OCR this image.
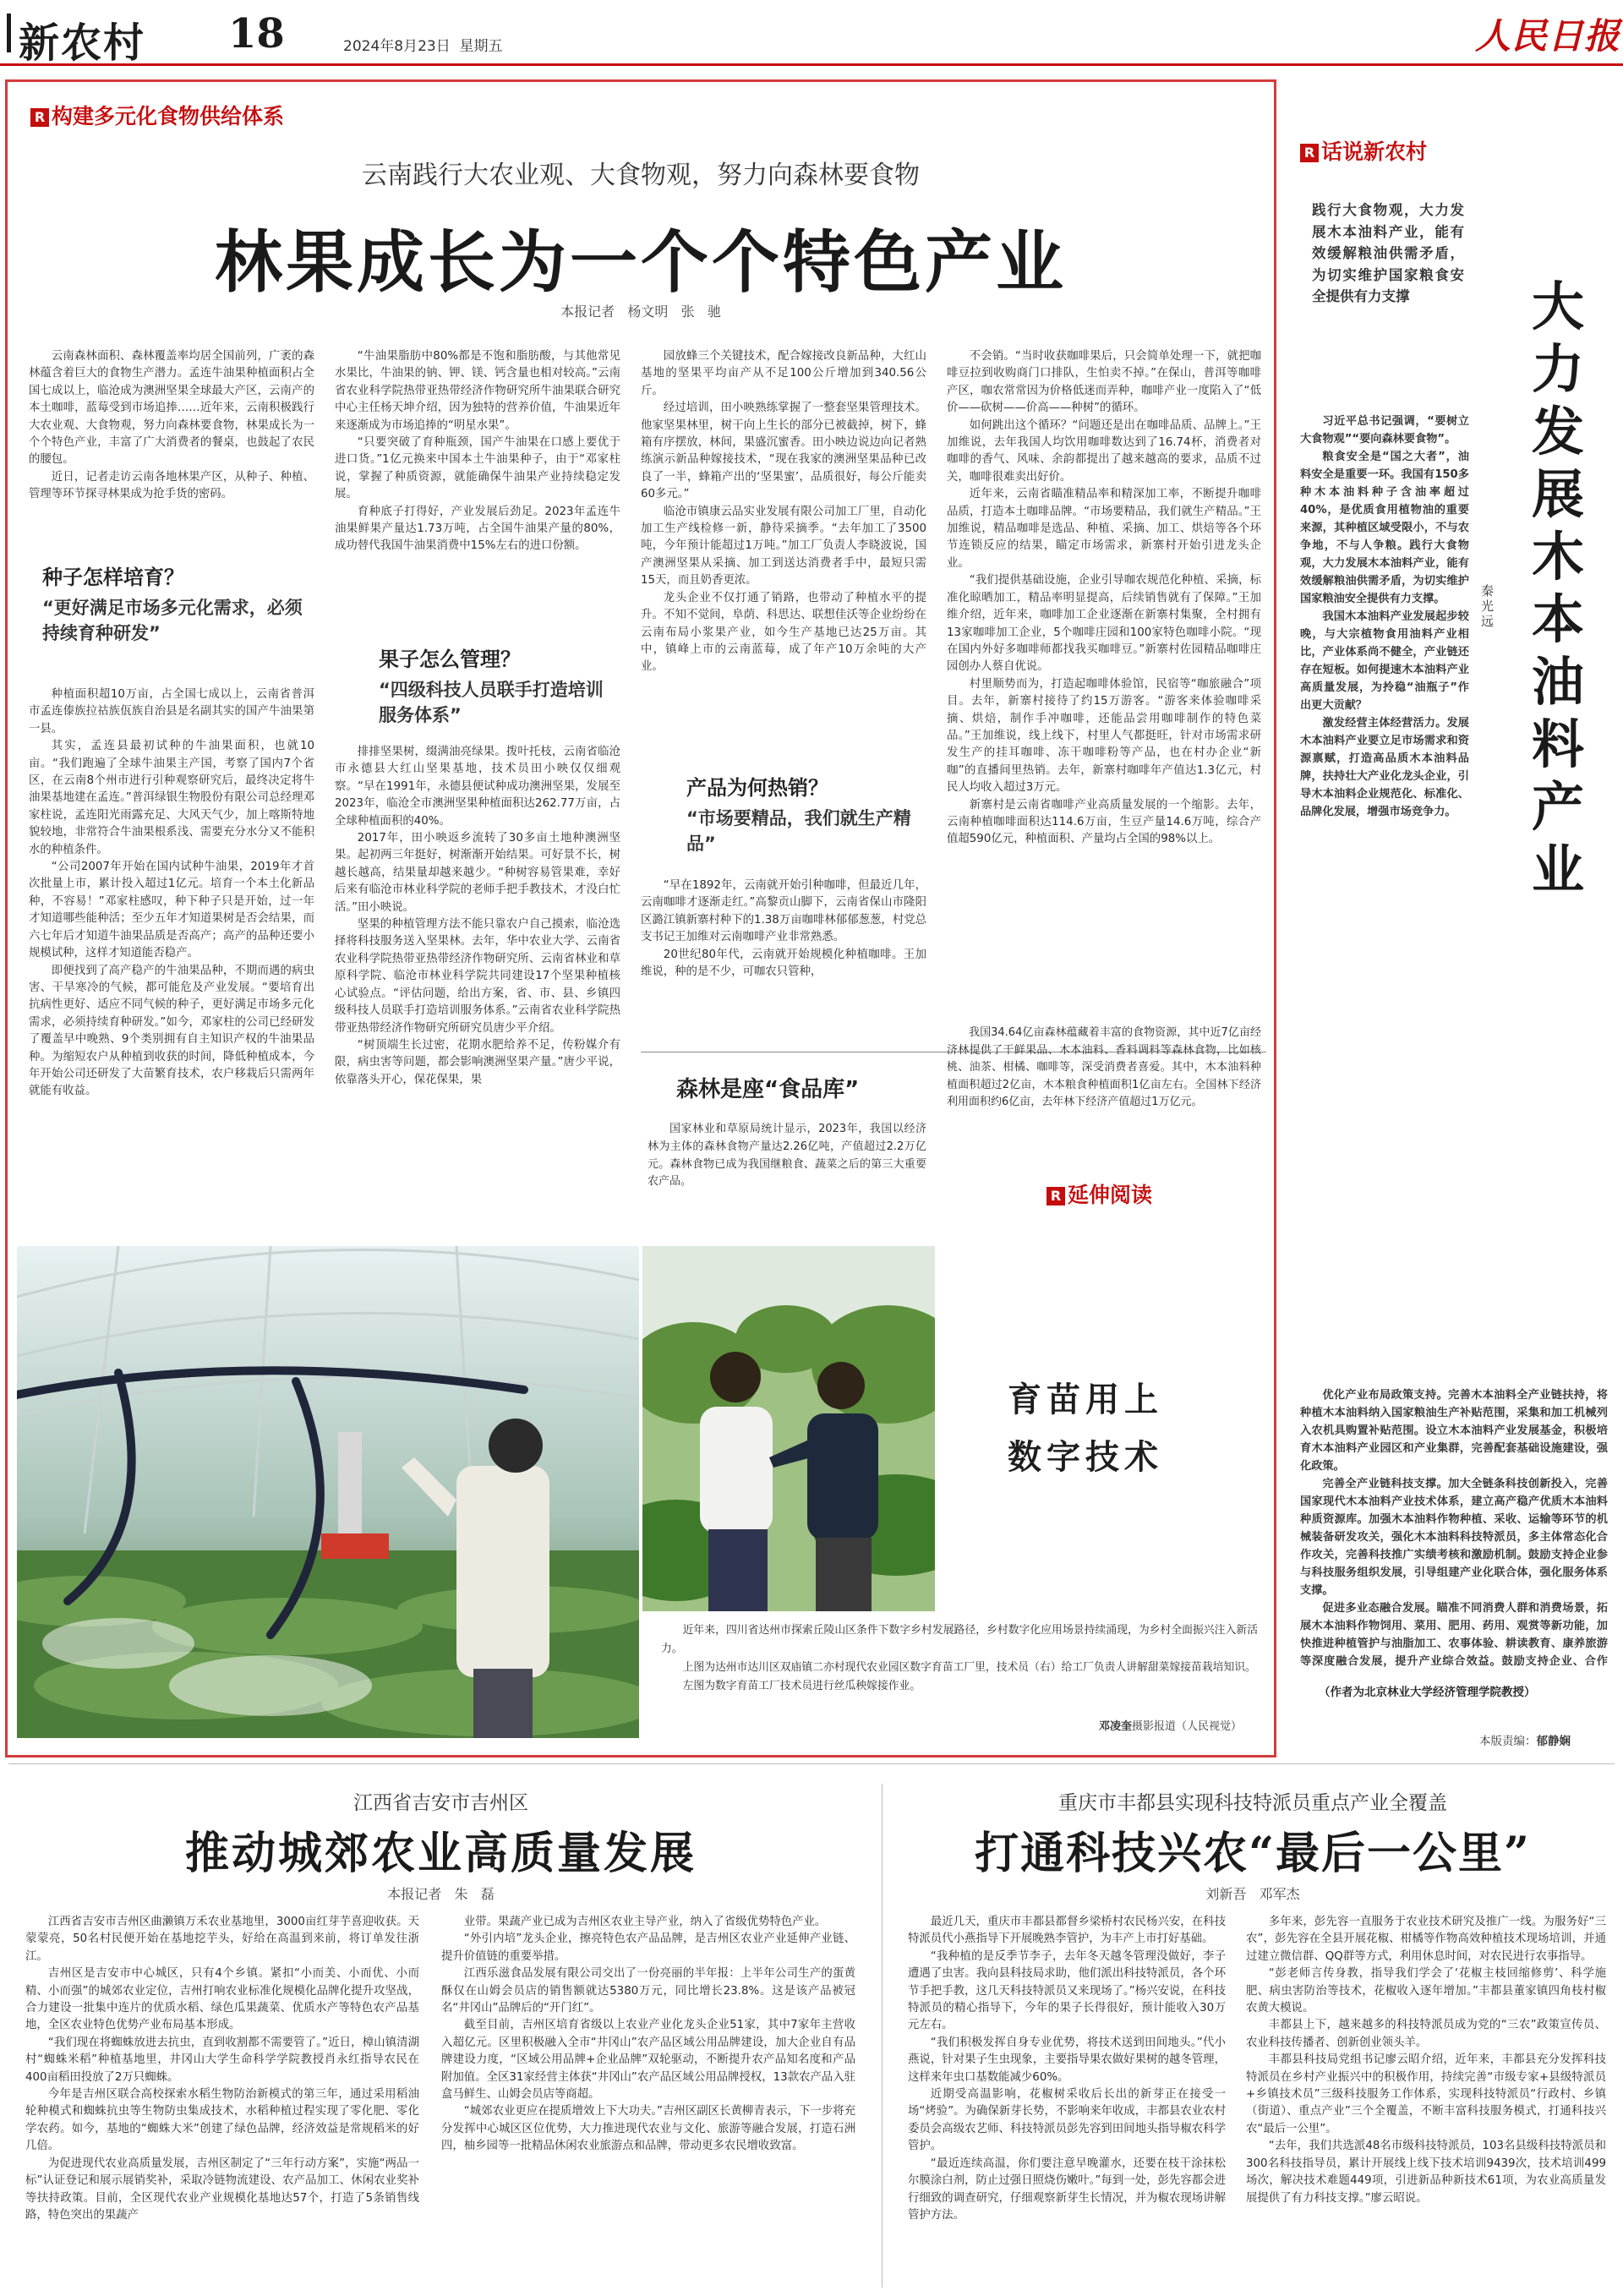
新农村 18	2024年8月23日  星期五	人民日报
R 构建多元化食物供给体系
云南践行大农业观、大食物观，努力向森林要食物
林果成长为一个个特色产业
本报记者   杨文明   张   驰

云南森林面积、森林覆盖率均居全国前列，广袤的森林蕴含着巨大的食物生产潜力。孟连牛油果种植面积占全国七成以上，临沧成为澳洲坚果全球最大产区，云南产的本土咖啡，蓝莓受到市场追捧……近年来，云南积极践行大农业观、大食物观，努力向森林要食物，林果成长为一个个特色产业，丰富了广大消费者的餐桌，也鼓起了农民的腰包。

近日，记者走访云南各地林果产区，从种子、种植、管理等环节探寻林果成为抢手货的密码。

种子怎样培育？
“更好满足市场多元化需求，必须持续育种研发”

种植面积超10万亩，占全国七成以上，云南省普洱市孟连傣族拉祜族佤族自治县是名副其实的国产牛油果第一县。

其实，孟连县最初试种的牛油果面积，也就10亩。“我们跑遍了全球牛油果主产国，考察了国内7个省区，在云南8个州市进行引种观察研究后，最终决定将牛油果基地建在孟连。”普洱绿银生物股份有限公司总经理邓家柱说，孟连阳光雨露充足、大风天气少，加上喀斯特地貌较地，非常符合牛油果根系浅、需要充分水分又不能积水的种植条件。

“公司2007年开始在国内试种牛油果，2019年才首次批量上市，累计投入超过1亿元。培育一个本土化新品种，不容易！”邓家柱感叹，种下种子只是开始，过一年才知道哪些能种活；至少五年才知道果树是否会结果，而六七年后才知道牛油果品质是否高产；高产的品种还要小规模试种，这样才知道能否稳产。

即便找到了高产稳产的牛油果品种，不期而遇的病虫害、干旱寒冷的气候，都可能危及产业发展。“要培育出抗病性更好、适应不同气候的种子，更好满足市场多元化需求，必须持续育种研发。”如今，邓家柱的公司已经研发了覆盖早中晚熟、9个类别拥有自主知识产权的牛油果品种。为缩短农户从种植到收获的时间，降低种植成本，今年开始公司还研发了大苗繁育技术，农户移栽后只需两年就能有收益。

“牛油果脂肪中80%都是不饱和脂肪酸，与其他常见水果比，牛油果的钠、钾、镁、钙含量也相对较高。”云南省农业科学院热带亚热带经济作物研究所牛油果联合研究中心主任杨天坤介绍，因为独特的营养价值，牛油果近年来逐渐成为市场追捧的“明星水果”。

“只要突破了育种瓶颈，国产牛油果在口感上要优于进口货。”1亿元换来中国本土牛油果种子，由于“邓家柱说，掌握了种质资源，就能确保牛油果产业持续稳定发展。

育种底子打得好，产业发展后劲足。2023年孟连牛油果鲜果产量达1.73万吨，占全国牛油果产量的80%，成功替代我国牛油果消费中15%左右的进口份额。

果子怎么管理？
“四级科技人员联手打造培训服务体系”

排排坚果树，缀满油亮绿果。拨叶托枝，云南省临沧市永德县大红山坚果基地，技术员田小映仅仅细观察。“早在1991年，永德县便试种成功澳洲坚果，发展至2023年，临沧全市澳洲坚果种植面积达262.77万亩，占全球种植面积的40%。

2017年，田小映返乡流转了30多亩土地种澳洲坚果。起初两三年挺好，树渐渐开始结果。可好景不长，树越长越高，结果量却越来越少。“种树容易管果难，幸好后来有临沧市林业科学院的老师手把手教技术，才没白忙活。”田小映说。

坚果的种植管理方法不能只靠农户自己摸索，临沧选择将科技服务送入坚果林。去年，华中农业大学、云南省农业科学院热带亚热带经济作物研究所、云南省林业和草原科学院、临沧市林业科学院共同建设17个坚果种植核心试验点。“评估问题，给出方案，省、市、县、乡镇四级科技人员联手打造培训服务体系。”云南省农业科学院热带亚热带经济作物研究所研究员唐少平介绍。

“树顶端生长过密，花期水肥给养不足，传粉媒介有限，病虫害等问题，都会影响澳洲坚果产量。”唐少平说，依靠落头开心，保花保果，果

园放蜂三个关键技术，配合嫁接改良新品种，大红山基地的坚果平均亩产从不足100公斤增加到340.56公斤。

经过培训，田小映熟练掌握了一整套坚果管理技术。他家坚果林里，树干向上生长的部分已被截掉，树下，蜂箱有序摆放，林间，果盛沉蜜香。田小映边说边向记者熟练演示新品种嫁接技术，“现在我家的澳洲坚果品种已改良了一半，蜂箱产出的‘坚果蜜’，品质很好，每公斤能卖60多元。”

临沧市镇康云品实业发展有限公司加工厂里，自动化加工生产线检修一新，静待采摘季。“去年加工了3500吨，今年预计能超过1万吨。”加工厂负责人李晓波说，国产澳洲坚果从采摘、加工到送达消费者手中，最短只需15天，而且奶香更浓。

龙头企业不仅打通了销路，也带动了种植水平的提升。不知不觉间，阜荫、科思达、联想佳沃等企业纷纷在云南布局小浆果产业，如今生产基地已达25万亩。其中，镇峰上市的云南蓝莓，成了年产10万余吨的大产业。

产品为何热销？
“市场要精品，我们就生产精品”

“早在1892年，云南就开始引种咖啡，但最近几年，云南咖啡才逐渐走红。”高黎贡山脚下，云南省保山市隆阳区潞江镇新寨村种下的1.38万亩咖啡林郁郁葱葱，村党总支书记王加维对云南咖啡产业非常熟悉。

20世纪80年代，云南就开始规模化种植咖啡。王加维说，种的是不少，可咖农只管种，

森林是座“食品库”

国家林业和草原局统计显示，2023年，我国以经济林为主体的森林食物产量达2.26亿吨，产值超过2.2万亿元。森林食物已成为我国继粮食、蔬菜之后的第三大重要农产品。

不会销。“当时收获咖啡果后，只会简单处理一下，就把咖啡豆拉到收购商门口排队，生怕卖不掉。”在保山，普洱等咖啡产区，咖农常常因为价格低迷而弄种，咖啡产业一度陷入了“低价——砍树——价高——种树”的循环。

如何跳出这个循环？“问题还是出在咖啡品质、品牌上。”王加维说，去年我国人均饮用咖啡数达到了16.74杯，消费者对咖啡的香气、风味、余韵都提出了越来越高的要求，品质不过关，咖啡很难卖出好价。

近年来，云南省瞄准精品率和精深加工率，不断提升咖啡品质，打造本土咖啡品牌。“市场要精品，我们就生产精品。”王加维说，精品咖啡是选品、种植、采摘、加工、烘焙等各个环节连锁反应的结果，瞄定市场需求，新寨村开始引进龙头企业。

“我们提供基础设施，企业引导咖农规范化种植、采摘，标准化晾晒加工，精品率明显提高，后续销售就有了保障。”王加维介绍，近年来，咖啡加工企业逐渐在新寨村集聚，全村拥有13家咖啡加工企业，5个咖啡庄园和100家特色咖啡小院。“现在国内外好多咖啡师都找我买咖啡豆。”新寨村佐园精品咖啡庄园创办人蔡自优说。

村里顺势而为，打造起咖啡体验馆，民宿等“咖旅融合”项目。去年，新寨村接待了约15万游客。“游客来体验咖啡采摘、烘焙，制作手冲咖啡，还能品尝用咖啡制作的特色菜品。”王加维说，线上线下，村里人气都挺旺，针对市场需求研发生产的挂耳咖啡、冻干咖啡粉等产品，也在村办企业“新咖”的直播间里热销。去年，新寨村咖啡年产值达1.3亿元，村民人均收入超过3万元。

新寨村是云南省咖啡产业高质量发展的一个缩影。去年，云南种植咖啡面积达114.6万亩，生豆产量14.6万吨，综合产值超590亿元，种植面积、产量均占全国的98%以上。

我国34.64亿亩森林蕴藏着丰富的食物资源，其中近7亿亩经济林提供了干鲜果品、木本油料、香料调料等森林食物，比如核桃、油茶、柑橘、咖啡等，深受消费者喜爱。其中，木本油料种植面积超过2亿亩，木本粮食种植面积1亿亩左右。全国林下经济利用面积约6亿亩，去年林下经济产值超过1万亿元。

R 延伸阅读
育苗用上
数字技术

近年来，四川省达州市探索丘陵山区条件下数字乡村发展路径，乡村数字化应用场景持续涌现，为乡村全面振兴注入新活力。

上图为达州市达川区双庙镇二亦村现代农业园区数字育苗工厂里，技术员（右）给工厂负责人讲解甜菜嫁接苗栽培知识。

左图为数字育苗工厂技术员进行丝瓜秧嫁接作业。

邓凌奎摄影报道（人民视觉）
R 话说新农村
践行大食物观，大力发展木本油料产业，能有效缓解粮油供需矛盾，为切实维护国家粮食安全提供有力支撑	大力发展木本油料产业
秦光远

习近平总书记强调，“要树立大食物观”“要向森林要食物”。

粮食安全是“国之大者”，油料安全是重要一环。我国有150多种木本油料种子含油率超过40%，是优质食用植物油的重要来源，其种植区域受限小，不与农争地，不与人争粮。践行大食物观，大力发展木本油料产业，能有效缓解粮油供需矛盾，为切实维护国家粮油安全提供有力支撑。

我国木本油料产业发展起步较晚，与大宗植物食用油料产业相比，产业体系尚不健全，产业链还存在短板。如何提速木本油料产业高质量发展，为拎稳“油瓶子”作出更大贡献？

激发经营主体经营活力。发展木本油料产业要立足市场需求和资源禀赋，打造高品质木本油料品牌，扶持壮大产业化龙头企业，引导木本油料企业规范化、标准化、品牌化发展，增强市场竞争力。

优化产业布局政策支持。完善木本油料全产业链扶持，将种植木本油料纳入国家粮油生产补贴范围，采集和加工机械列入农机具购置补贴范围。设立木本油料产业发展基金，积极培育木本油料产业园区和产业集群，完善配套基础设施建设，强化政策。

完善全产业链科技支撑。加大全链条科技创新投入，完善国家现代木本油料产业技术体系，建立高产稳产优质木本油料种质资源库。加强木本油料作物种植、采收、运输等环节的机械装备研发攻关，强化木本油料科技特派员，多主体常态化合作攻关，完善科技推广实绩考核和激励机制。鼓励支持企业参与科技服务组织发展，引导组建产业化联合体，强化服务体系支撑。

促进多业态融合发展。瞄准不同消费人群和消费场景，拓展木本油料作物饲用、菜用、肥用、药用、观赏等新功能，加快推进种植管护与油脂加工、农事体验、耕读教育、康养旅游等深度融合发展，提升产业综合效益。鼓励支持企业、合作

（作者为北京林业大学经济管理学院教授）
本版责编：郁静娴
江西省吉安市吉州区
推动城郊农业高质量发展
本报记者   朱   磊

江西省吉安市吉州区曲濑镇万禾农业基地里，3000亩红芽芋喜迎收获。天蒙蒙亮，50名村民便开始在基地挖芋头，好给在高温到来前，将订单发往浙江。

吉州区是吉安市中心城区，只有4个乡镇。紧扣“小而美、小而优、小而精、小而强”的城郊农业定位，吉州打响农业标准化规模化品牌化提升攻坚战，合力建设一批集中连片的优质水稻、绿色瓜果蔬菜、优质水产等特色农产品基地，全区农业特色优势产业布局基本形成。

“我们现在将蜘蛛放进去抗虫，直到收割都不需要管了。”近日，樟山镇清湖村“蜘蛛米稻”种植基地里，井冈山大学生命科学学院教授肖永红指导农民在400亩稻田投放了2万只蜘蛛。

今年是吉州区联合高校探索水稻生物防治新模式的第三年，通过采用稻油轮种模式和蜘蛛抗虫等生物防虫集成技术，水稻种植过程实现了零化肥、零化学农药。如今，基地的“蜘蛛大米”创建了绿色品牌，经济效益是常规稻米的好几倍。

为促进现代农业高质量发展，吉州区制定了“三年行动方案”，实施“两品一标”认证登记和展示展销奖补，采取冷链物流建设、农产品加工、休闲农业奖补等扶持政策。目前，全区现代农业产业规模化基地达57个，打造了5条销售线路，特色突出的果蔬产

业带。果蔬产业已成为吉州区农业主导产业，纳入了省级优势特色产业。

“外引内培”龙头企业，擦亮特色农产品品牌，是吉州区农业产业延伸产业链、提升价值链的重要举措。

江西乐滋食品发展有限公司交出了一份亮丽的半年报：上半年公司生产的蛋黄酥仅在山姆会员店的销售额就达5380万元，同比增长23.8%。这是该产品被冠名“井冈山”品牌后的“开门红”。

截至目前，吉州区培育省级以上农业产业化龙头企业51家，其中7家年主营收入超亿元。区里积极融入全市“井冈山”农产品区域公用品牌建设，加大企业自有品牌建设力度，“区域公用品牌+企业品牌”双轮驱动，不断提升农产品知名度和产品附加值。全区31家经营主体获“井冈山”农产品区域公用品牌授权，13款农产品入驻盒马鲜生、山姆会员店等商超。

“城郊农业更应在提质增效上下大功夫。”吉州区副区长黄柳青表示，下一步将充分发挥中心城区区位优势，大力推进现代农业与文化、旅游等融合发展，打造石洲四，柚乡园等一批精品休闲农业旅游点和品牌，带动更多农民增收致富。

重庆市丰都县实现科技特派员重点产业全覆盖
打通科技兴农“最后一公里”
刘新吾   邓军杰

最近几天，重庆市丰都县都督乡梁桥村农民杨兴安，在科技特派员代小燕指导下开展晚熟李管护，为丰产上市打好基础。

“我种植的是反季节李子，去年冬天越冬管理没做好，李子遭遇了虫害。我向县科技局求助，他们派出科技特派员，各个环节手把手教，这几天科技特派员又来现场了。”杨兴安说，在科技特派员的精心指导下，今年的果子长得很好，预计能收入30万元左右。

“我们积极发挥自身专业优势，将技术送到田间地头。”代小燕说，针对果子生虫现象，主要指导果农做好果树的越冬管理，这样来年虫口基数能减少60%。

近期受高温影响，花椒树采收后长出的新芽正在接受一场“烤验”。为确保新芽长势，不影响来年收成，丰都县农业农村委员会高级农艺师、科技特派员彭先容到田间地头指导椒农科学管护。

“最近连续高温，你们要注意早晚灌水，还要在枝干涂抹松尔膜涂白剂，防止过强日照烧伤嫩叶。”每到一处，彭先容都会进行细致的调查研究，仔细观察新芽生长情况，并为椒农现场讲解管护方法。

多年来，彭先容一直服务于农业技术研究及推广一线。为服务好“三农”，彭先容在全县开展花椒、柑橘等作物高效种植技术现场培训，并通过建立微信群、QQ群等方式，利用休息时间，对农民进行农事指导。

“彭老师言传身教，指导我们学会了‘花椒主枝回缩修剪’、科学施肥、病虫害防治等技术，花椒收入逐年增加。”丰都县董家镇四角枝村椒农黄大模说。

丰都县上下，越来越多的科技特派员成为党的“三农”政策宣传员、农业科技传播者、创新创业领头羊。

丰都县科技局党组书记廖云昭介绍，近年来，丰都县充分发挥科技特派员在乡村产业振兴中的积极作用，持续完善“市级专家+县级特派员+乡镇技术员”三级科技服务工作体系，实现科技特派员“行政村、乡镇（街道）、重点产业”三个全覆盖，不断丰富科技服务模式，打通科技兴农“最后一公里”。

“去年，我们共选派48名市级科技特派员，103名县级科技特派员和300名科技指导员，累计开展线上线下技术培训9439次，技术培训499场次，解决技术难题449项，引进新品种新技术61项，为农业高质量发展提供了有力科技支撑。”廖云昭说。
